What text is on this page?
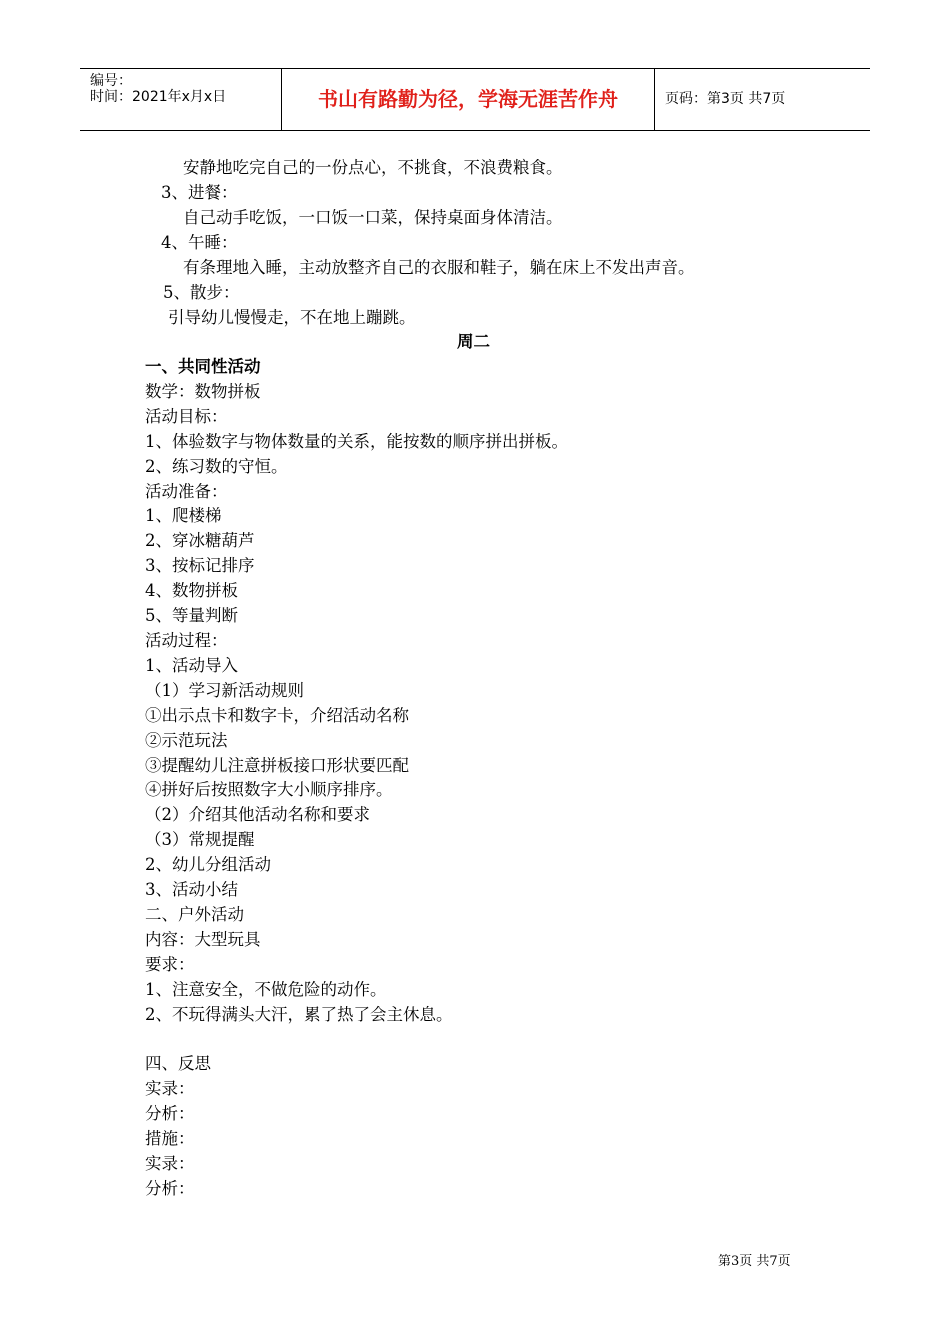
编号：
时间：2021年x月x日	书山有路勤为径，学海无涯苦作舟	页码：第3页 共7页
安静地吃完自己的一份点心，不挑食，不浪费粮食。
3、进餐：
自己动手吃饭，一口饭一口菜，保持桌面身体清洁。
4、午睡：
有条理地入睡，主动放整齐自己的衣服和鞋子，躺在床上不发出声音。
5、散步：
引导幼儿慢慢走，不在地上蹦跳。
周二
一、共同性活动
数学：数物拼板
活动目标：
1、体验数字与物体数量的关系，能按数的顺序拼出拼板。
2、练习数的守恒。
活动准备：
1、爬楼梯
2、穿冰糖葫芦
3、按标记排序
4、数物拼板
5、等量判断
活动过程：
1、活动导入
（1）学习新活动规则
①出示点卡和数字卡，介绍活动名称
②示范玩法
③提醒幼儿注意拼板接口形状要匹配
④拼好后按照数字大小顺序排序。
（2）介绍其他活动名称和要求
（3）常规提醒
2、幼儿分组活动
3、活动小结
二、户外活动
内容：大型玩具
要求：
1、注意安全，不做危险的动作。
2、不玩得满头大汗，累了热了会主休息。
四、反思
实录：
分析：
措施：
实录：
分析：
第3页 共7页
